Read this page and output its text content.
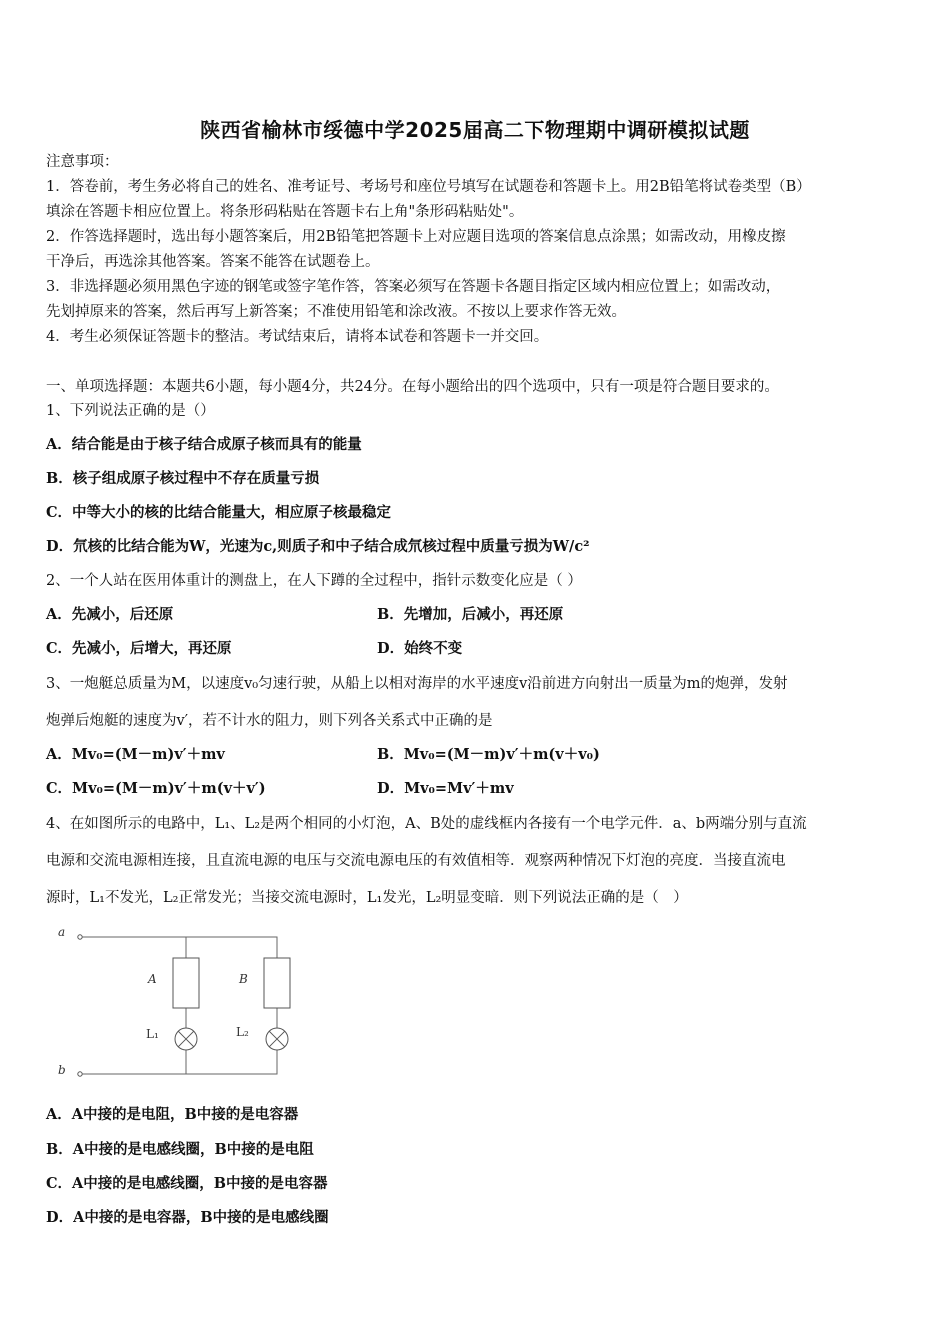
陕西省榆林市绥德中学2025届高二下物理期中调研模拟试题
注意事项：
1．答卷前，考生务必将自己的姓名、准考证号、考场号和座位号填写在试题卷和答题卡上。用2B铅笔将试卷类型（B）
填涂在答题卡相应位置上。将条形码粘贴在答题卡右上角"条形码粘贴处"。
2．作答选择题时，选出每小题答案后，用2B铅笔把答题卡上对应题目选项的答案信息点涂黑；如需改动，用橡皮擦
干净后，再选涂其他答案。答案不能答在试题卷上。
3．非选择题必须用黑色字迹的钢笔或签字笔作答，答案必须写在答题卡各题目指定区域内相应位置上；如需改动，
先划掉原来的答案，然后再写上新答案；不准使用铅笔和涂改液。不按以上要求作答无效。
4．考生必须保证答题卡的整洁。考试结束后，请将本试卷和答题卡一并交回。
一、单项选择题：本题共6小题，每小题4分，共24分。在每小题给出的四个选项中，只有一项是符合题目要求的。
1、下列说法正确的是（）
A．结合能是由于核子结合成原子核而具有的能量
B．核子组成原子核过程中不存在质量亏损
C．中等大小的核的比结合能量大，相应原子核最稳定
D．氘核的比结合能为W，光速为c,则质子和中子结合成氘核过程中质量亏损为W/c²
2、一个人站在医用体重计的测盘上，在人下蹲的全过程中，指针示数变化应是（ ）
A．先减小，后还原	B．先增加，后减小，再还原
C．先减小，后增大，再还原	D．始终不变
3、一炮艇总质量为M，以速度v₀匀速行驶，从船上以相对海岸的水平速度v沿前进方向射出一质量为m的炮弹，发射
炮弹后炮艇的速度为v′，若不计水的阻力，则下列各关系式中正确的是
A．Mv₀=(M－m)v′＋mv	B．Mv₀=(M－m)v′＋m(v＋v₀)
C．Mv₀=(M－m)v′＋m(v＋v′)	D．Mv₀=Mv′＋mv
4、在如图所示的电路中，L₁、L₂是两个相同的小灯泡，A、B处的虚线框内各接有一个电学元件．a、b两端分别与直流
电源和交流电源相连接，且直流电源的电压与交流电源电压的有效值相等．观察两种情况下灯泡的亮度．当接直流电
源时，L₁不发光，L₂正常发光；当接交流电源时，L₁发光，L₂明显变暗．则下列说法正确的是（　）
a
b
A	B
L₁	L₂
A．A中接的是电阻，B中接的是电容器
B．A中接的是电感线圈，B中接的是电阻
C．A中接的是电感线圈，B中接的是电容器
D．A中接的是电容器，B中接的是电感线圈
